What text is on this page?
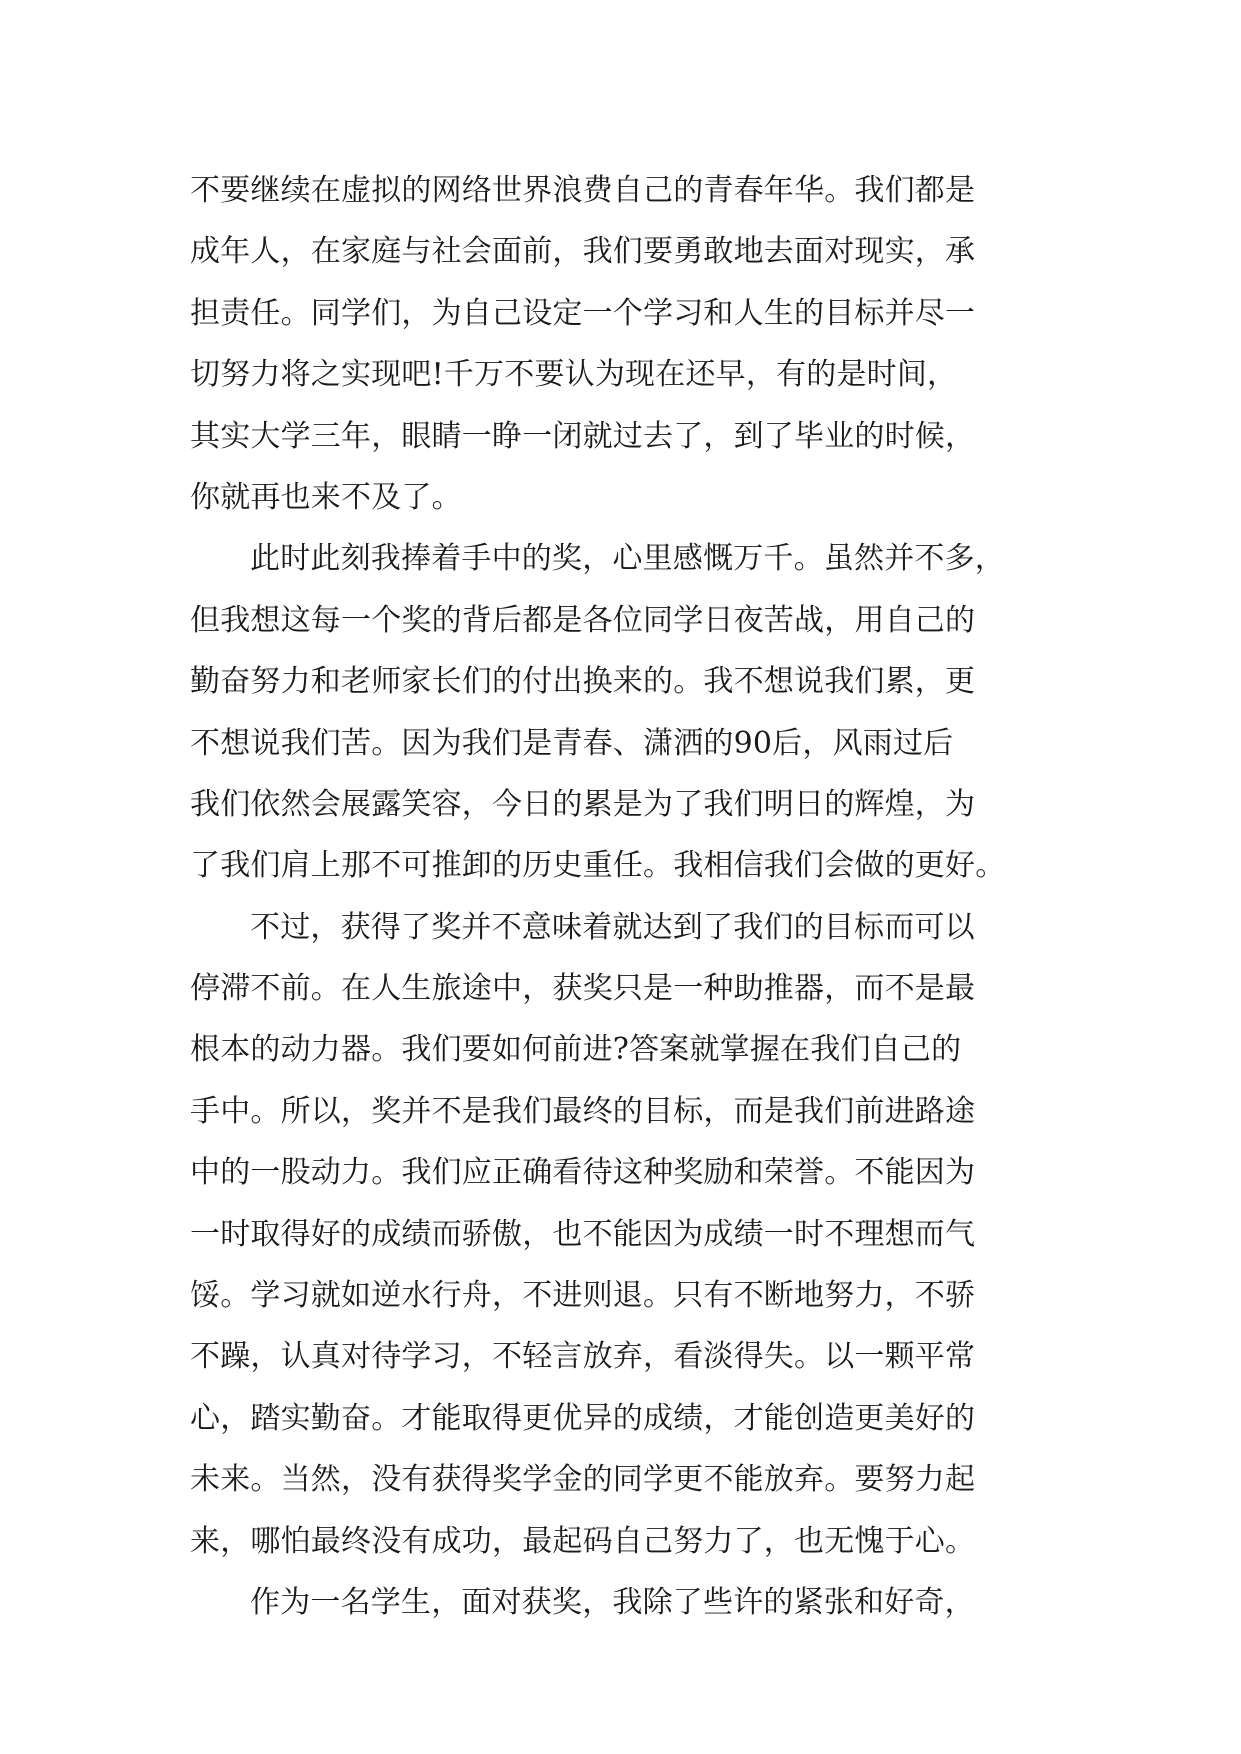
不要继续在虚拟的网络世界浪费自己的青春年华。我们都是
成年人，在家庭与社会面前，我们要勇敢地去面对现实，承
担责任。同学们，为自己设定一个学习和人生的目标并尽一
切努力将之实现吧!千万不要认为现在还早，有的是时间，
其实大学三年，眼睛一睁一闭就过去了，到了毕业的时候，
你就再也来不及了。
此时此刻我捧着手中的奖，心里感慨万千。虽然并不多，
但我想这每一个奖的背后都是各位同学日夜苦战，用自己的
勤奋努力和老师家长们的付出换来的。我不想说我们累，更
不想说我们苦。因为我们是青春、潇洒的90后，风雨过后
我们依然会展露笑容，今日的累是为了我们明日的辉煌，为
了我们肩上那不可推卸的历史重任。我相信我们会做的更好。
不过，获得了奖并不意味着就达到了我们的目标而可以
停滞不前。在人生旅途中，获奖只是一种助推器，而不是最
根本的动力器。我们要如何前进?答案就掌握在我们自己的
手中。所以，奖并不是我们最终的目标，而是我们前进路途
中的一股动力。我们应正确看待这种奖励和荣誉。不能因为
一时取得好的成绩而骄傲，也不能因为成绩一时不理想而气
馁。学习就如逆水行舟，不进则退。只有不断地努力，不骄
不躁，认真对待学习，不轻言放弃，看淡得失。以一颗平常
心，踏实勤奋。才能取得更优异的成绩，才能创造更美好的
未来。当然，没有获得奖学金的同学更不能放弃。要努力起
来，哪怕最终没有成功，最起码自己努力了，也无愧于心。
作为一名学生，面对获奖，我除了些许的紧张和好奇，
